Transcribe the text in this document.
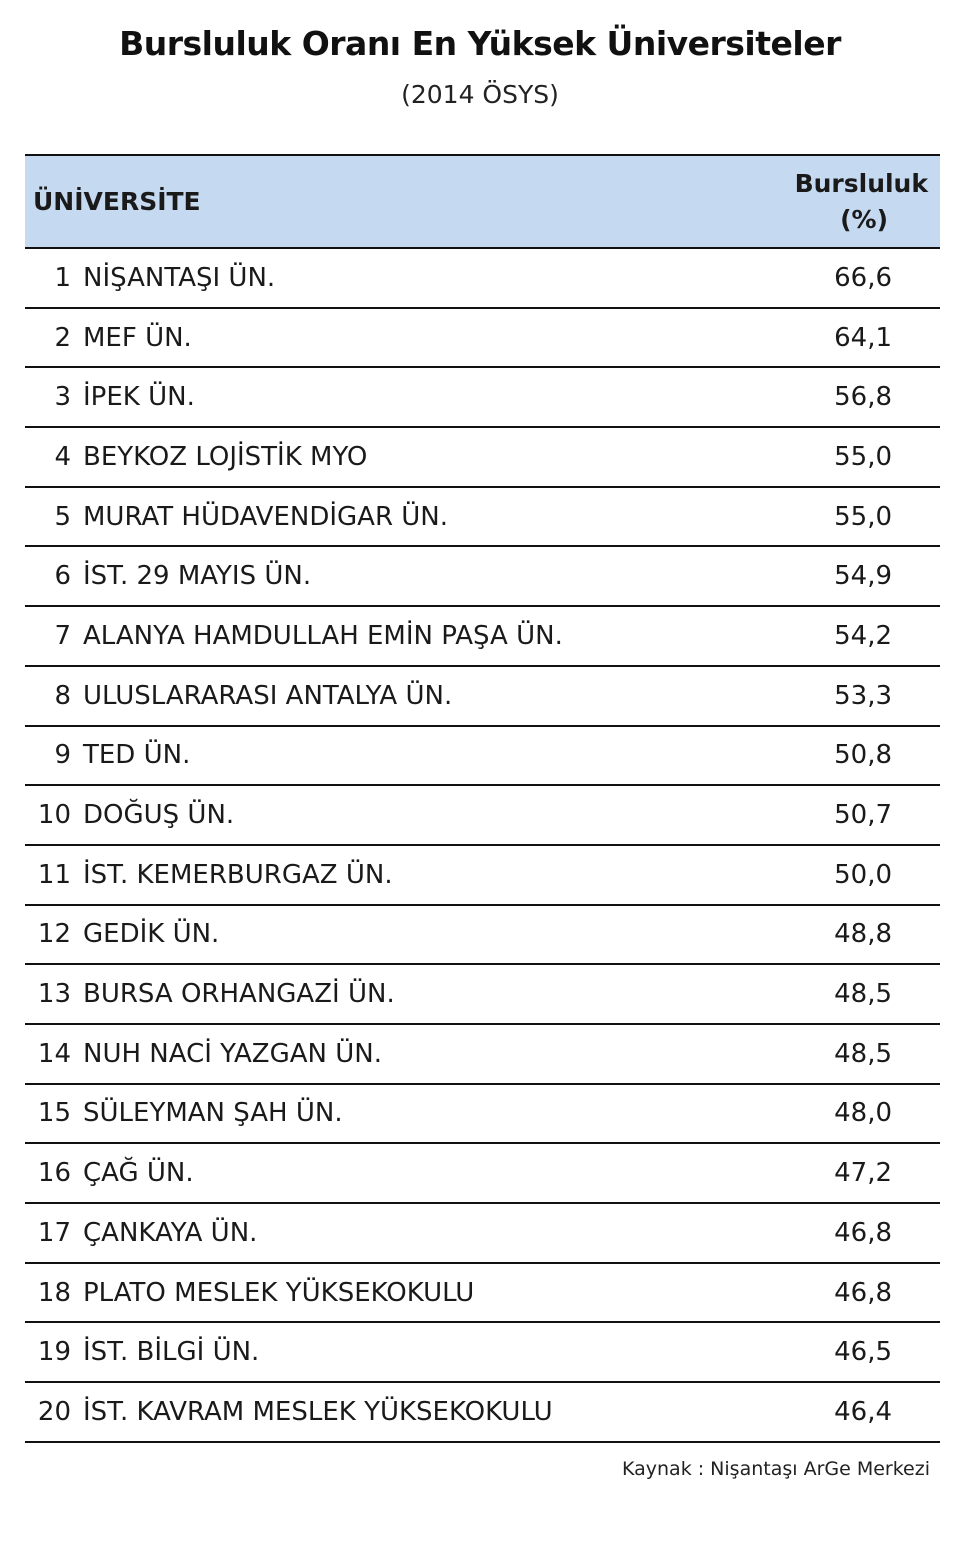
Bursluluk Oranı En Yüksek Üniversiteler

(2014 ÖSYS)

ÜNİVERSİTE
Bursluluk
(%)
1 NİŞANTAŞI ÜN.	66,6
2 MEF ÜN.	64,1
3 İPEK ÜN.	56,8
4 BEYKOZ LOJİSTİK MYO	55,0
5 MURAT HÜDAVENDİGAR ÜN.	55,0
6 İST. 29 MAYIS ÜN.	54,9
7 ALANYA HAMDULLAH EMİN PAŞA ÜN.	54,2
8 ULUSLARARASI ANTALYA ÜN.	53,3
9 TED ÜN.	50,8
10 DOĞUŞ ÜN.	50,7
11 İST. KEMERBURGAZ ÜN.	50,0
12 GEDİK ÜN.	48,8
13 BURSA ORHANGAZİ ÜN.	48,5
14 NUH NACİ YAZGAN ÜN.	48,5
15 SÜLEYMAN ŞAH ÜN.	48,0
16 ÇAĞ ÜN.	47,2
17 ÇANKAYA ÜN.	46,8
18 PLATO MESLEK YÜKSEKOKULU	46,8
19 İST. BİLGİ ÜN.	46,5
20 İST. KAVRAM MESLEK YÜKSEKOKULU	46,4

Kaynak : Nişantaşı ArGe Merkezi
